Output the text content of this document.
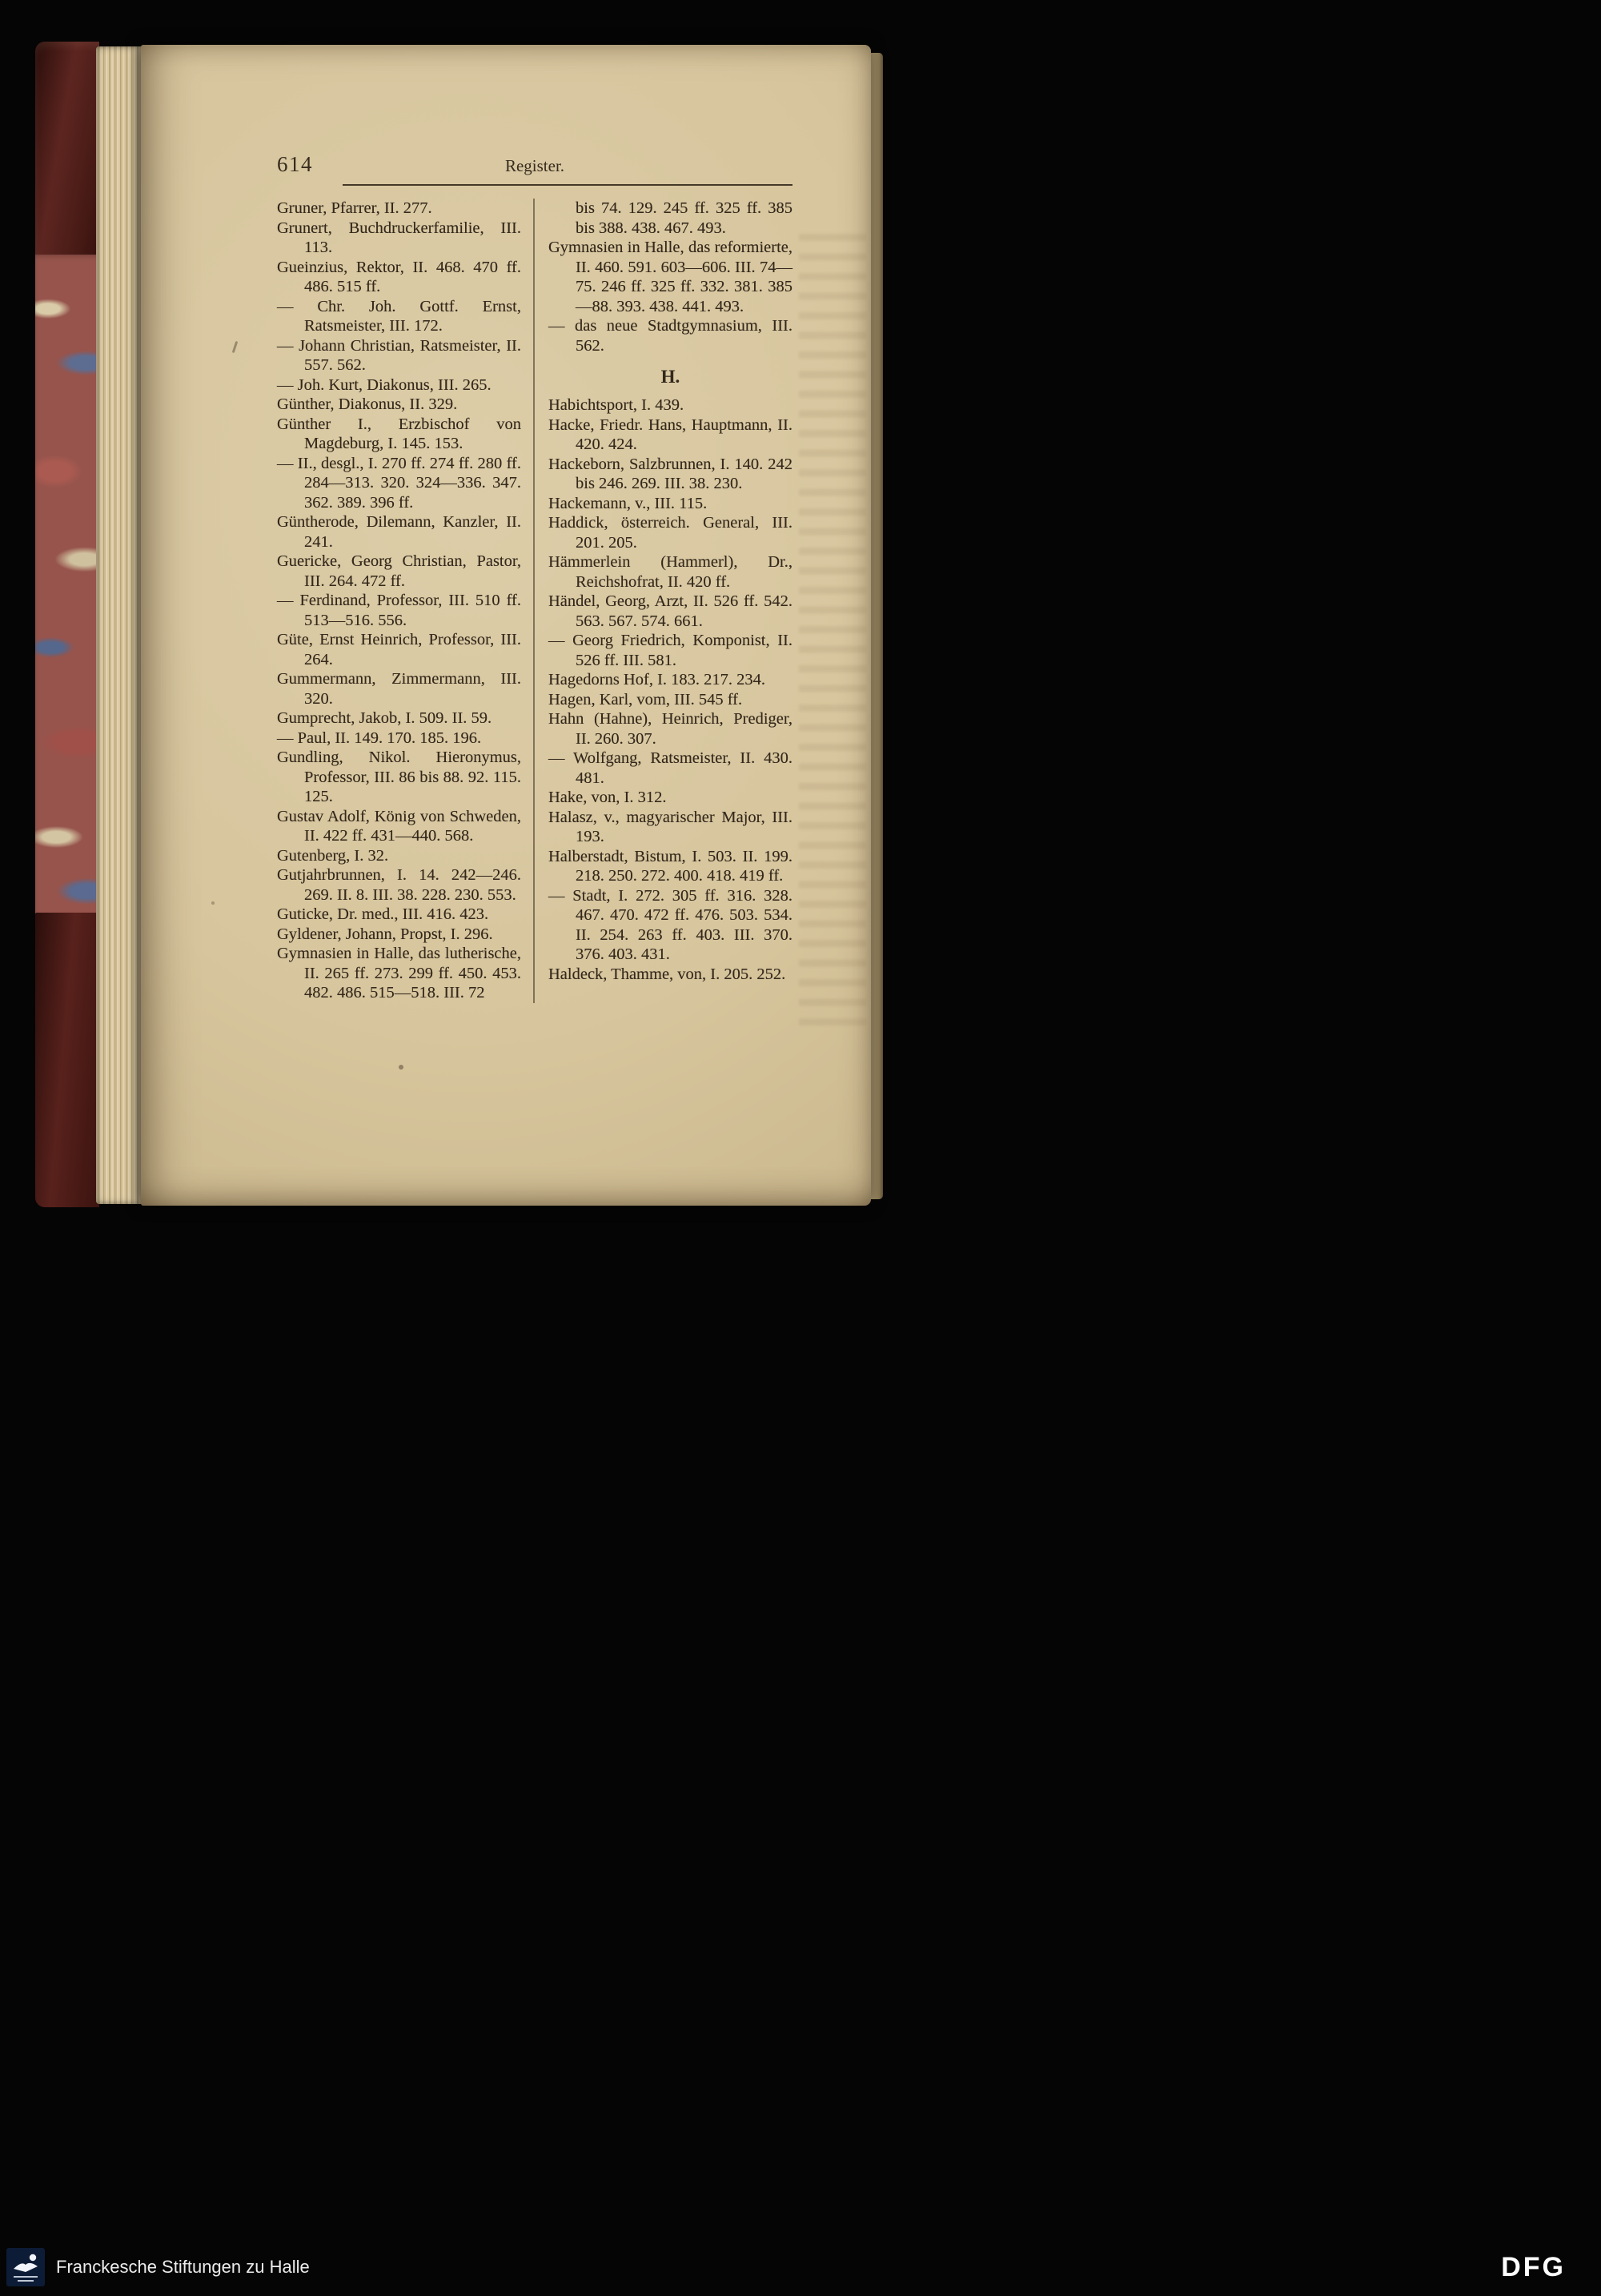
614	Register.

Gruner, Pfarrer, II. 277.

Grunert, Buchdruckerfamilie, III. 113.

Gueinzius, Rektor, II. 468. 470 ff. 486. 515 ff.

— Chr. Joh. Gottf. Ernst, Ratsmeister, III. 172.

— Johann Christian, Ratsmeister, II. 557. 562.

— Joh. Kurt, Diakonus, III. 265.

Günther, Diakonus, II. 329.

Günther I., Erzbischof von Magdeburg, I. 145. 153.

— II., desgl., I. 270 ff. 274 ff. 280 ff. 284—313. 320. 324—336. 347. 362. 389. 396 ff.

Güntherode, Dilemann, Kanzler, II. 241.

Guericke, Georg Christian, Pastor, III. 264. 472 ff.

— Ferdinand, Professor, III. 510 ff. 513—516. 556.

Güte, Ernst Heinrich, Professor, III. 264.

Gummermann, Zimmermann, III. 320.

Gumprecht, Jakob, I. 509. II. 59.

— Paul, II. 149. 170. 185. 196.

Gundling, Nikol. Hieronymus, Professor, III. 86 bis 88. 92. 115. 125.

Gustav Adolf, König von Schweden, II. 422 ff. 431—440. 568.

Gutenberg, I. 32.

Gutjahrbrunnen, I. 14. 242—246. 269. II. 8. III. 38. 228. 230. 553.

Guticke, Dr. med., III. 416. 423.

Gyldener, Johann, Propst, I. 296.

Gymnasien in Halle, das lutherische, II. 265 ff. 273. 299 ff. 450. 453. 482. 486. 515—518. III. 72

bis 74. 129. 245 ff. 325 ff. 385 bis 388. 438. 467. 493.

Gymnasien in Halle, das reformierte, II. 460. 591. 603—606. III. 74—75. 246 ff. 325 ff. 332. 381. 385—88. 393. 438. 441. 493.

— das neue Stadtgymnasium, III. 562.

H.

Habichtsport, I. 439.

Hacke, Friedr. Hans, Hauptmann, II. 420. 424.

Hackeborn, Salzbrunnen, I. 140. 242 bis 246. 269. III. 38. 230.

Hackemann, v., III. 115.

Haddick, österreich. General, III. 201. 205.

Hämmerlein (Hammerl), Dr., Reichshofrat, II. 420 ff.

Händel, Georg, Arzt, II. 526 ff. 542. 563. 567. 574. 661.

— Georg Friedrich, Komponist, II. 526 ff. III. 581.

Hagedorns Hof, I. 183. 217. 234.

Hagen, Karl, vom, III. 545 ff.

Hahn (Hahne), Heinrich, Prediger, II. 260. 307.

— Wolfgang, Ratsmeister, II. 430. 481.

Hake, von, I. 312.

Halasz, v., magyarischer Major, III. 193.

Halberstadt, Bistum, I. 503. II. 199. 218. 250. 272. 400. 418. 419 ff.

— Stadt, I. 272. 305 ff. 316. 328. 467. 470. 472 ff. 476. 503. 534. II. 254. 263 ff. 403. III. 370. 376. 403. 431.

Haldeck, Thamme, von, I. 205. 252.

Franckesche Stiftungen zu Halle	DFG
